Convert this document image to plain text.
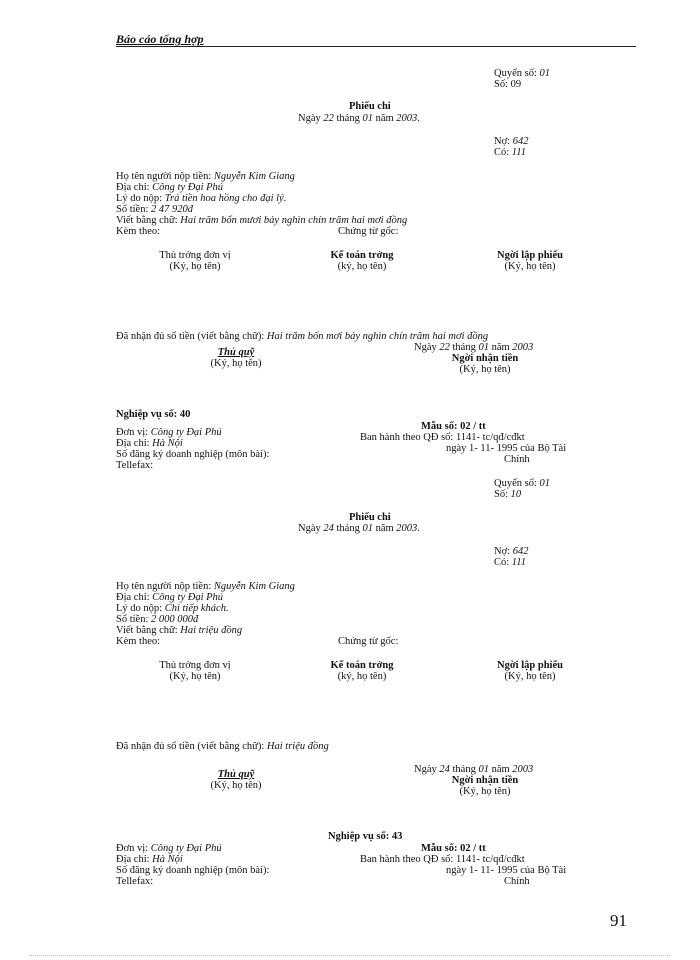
Báo cáo tổng hợp
Quyển số: 01
Số: 09
Phiếu chi
Ngày 22 tháng 01 năm 2003.
Nợ: 642
Có: 111
Họ tên người nộp tiền: Nguyễn Kim Giang
Địa chỉ: Công ty Đại Phú
Lý do nộp: Trả tiền hoa hồng cho đại lý.
Số tiền: 2 47 920đ
Viết bằng chữ: Hai trăm bốn mươi bảy nghìn chín trăm hai mơi đồng
Kèm theo:	Chứng từ gốc:
Thủ trởng đơn vị
(Ký, họ tên)
Kế toán trởng
(ký, họ tên)
Ngời lập phiếu
(Ký, họ tên)
Đã nhận đủ số tiền (viết bằng chữ): Hai trăm bốn mơi bảy nghìn chín trăm hai mơi đồng
Ngày 22 tháng 01 năm 2003
Thủ quỹ
(Ký, họ tên)	Ngời nhận tiền
(Ký, họ tên)
Nghiệp vụ số: 40
Đơn vị: Công ty Đại Phú
Địa chỉ: Hà Nội
Số đăng ký doanh nghiệp (môn bài):
Tellefax:
Mẫu số: 02 / tt
Ban hành theo QĐ số: 1141- tc/qđ/cđkt
ngày 1- 11- 1995 của Bộ Tài
Chính
Quyển số: 01
Số: 10
Phiếu chi
Ngày 24 tháng 01 năm 2003.
Nợ: 642
Có: 111
Họ tên người nộp tiền: Nguyễn Kim Giang
Địa chỉ: Công ty Đại Phú
Lý do nộp: Chi tiếp khách.
Số tiền: 2 000 000đ
Viết bằng chữ: Hai triệu đồng
Kèm theo:	Chứng từ gốc:
Thủ trởng đơn vị
(Ký, họ tên)
Kế toán trởng
(ký, họ tên)
Ngời lập phiếu
(Ký, họ tên)
Đã nhận đủ số tiền (viết bằng chữ): Hai triệu đồng
Ngày 24 tháng 01 năm 2003
Thủ quỹ
(Ký, họ tên)	Ngời nhận tiền
(Ký, họ tên)
Nghiệp vụ số: 43
Đơn vị: Công ty Đại Phú
Địa chỉ: Hà Nội
Số đăng ký doanh nghiệp (môn bài):
Tellefax:
Mẫu số: 02 / tt
Ban hành theo QĐ số: 1141- tc/qđ/cđkt
ngày 1- 11- 1995 của Bộ Tài
Chính
91
